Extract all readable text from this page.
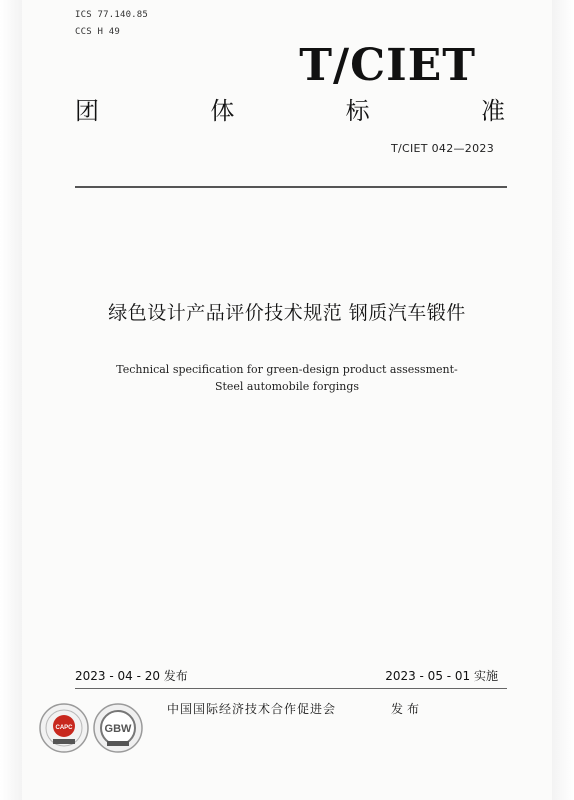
ICS 77.140.85
CCS H 49
T/CIET
团	体	标	准
T/CIET 042—2023
绿色设计产品评价技术规范 钢质汽车锻件
Technical specification for green-design product assessment-
Steel automobile forgings
2023 - 04 - 20 发布	2023 - 05 - 01 实施
中国国际经济技术合作促进会	发布
CAPC	GBW
